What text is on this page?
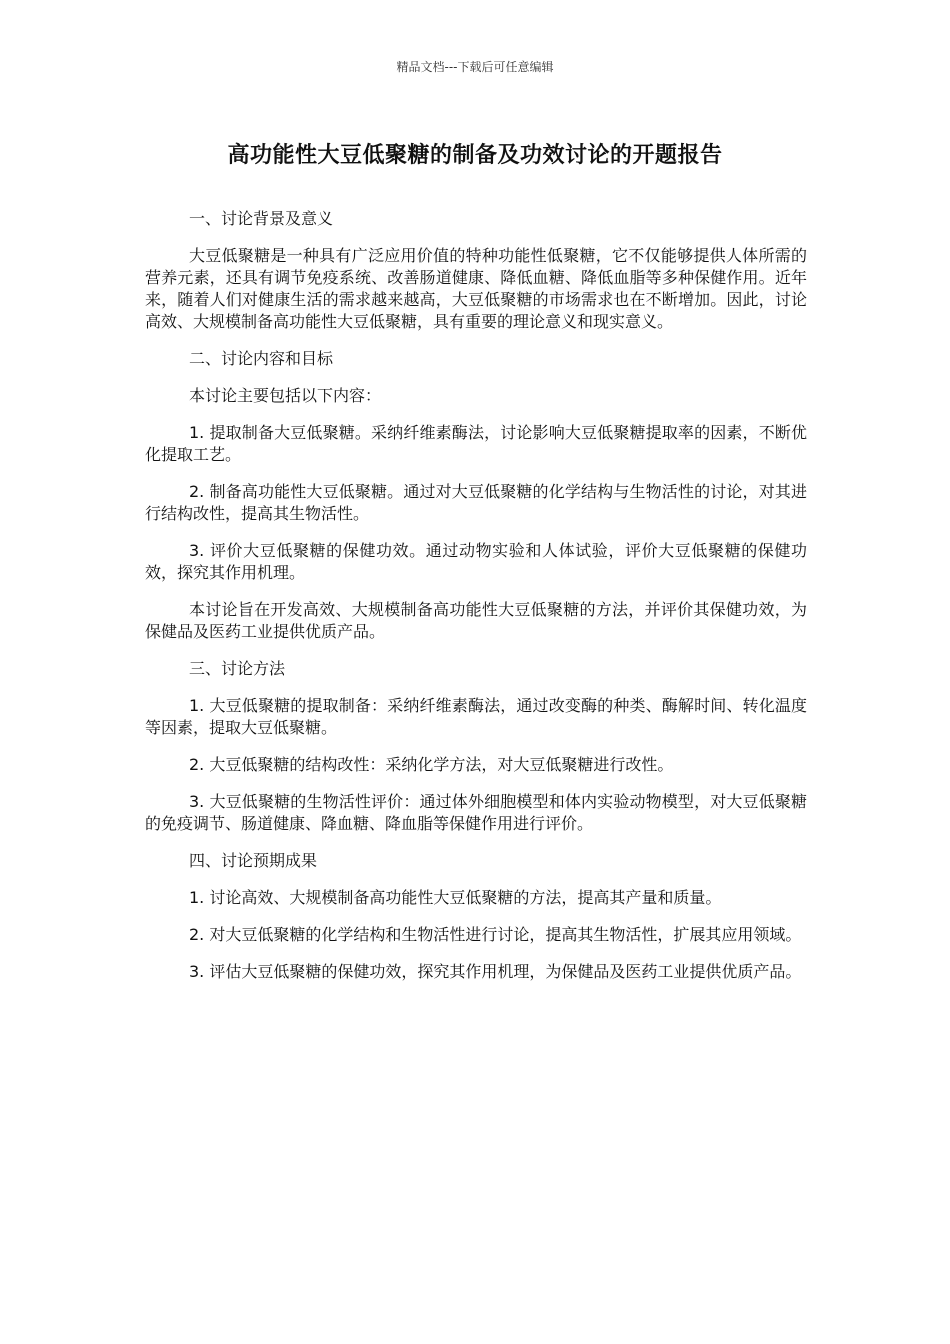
精品文档---下载后可任意编辑
高功能性大豆低聚糖的制备及功效讨论的开题报告

一、讨论背景及意义

大豆低聚糖是一种具有广泛应用价值的特种功能性低聚糖，它不仅能够提供人体所需的营养元素，还具有调节免疫系统、改善肠道健康、降低血糖、降低血脂等多种保健作用。近年来，随着人们对健康生活的需求越来越高，大豆低聚糖的市场需求也在不断增加。因此，讨论高效、大规模制备高功能性大豆低聚糖，具有重要的理论意义和现实意义。

二、讨论内容和目标

本讨论主要包括以下内容：

1. 提取制备大豆低聚糖。采纳纤维素酶法，讨论影响大豆低聚糖提取率的因素，不断优化提取工艺。

2. 制备高功能性大豆低聚糖。通过对大豆低聚糖的化学结构与生物活性的讨论，对其进行结构改性，提高其生物活性。

3. 评价大豆低聚糖的保健功效。通过动物实验和人体试验，评价大豆低聚糖的保健功效，探究其作用机理。

本讨论旨在开发高效、大规模制备高功能性大豆低聚糖的方法，并评价其保健功效，为保健品及医药工业提供优质产品。

三、讨论方法

1. 大豆低聚糖的提取制备：采纳纤维素酶法，通过改变酶的种类、酶解时间、转化温度等因素，提取大豆低聚糖。

2. 大豆低聚糖的结构改性：采纳化学方法，对大豆低聚糖进行改性。

3. 大豆低聚糖的生物活性评价：通过体外细胞模型和体内实验动物模型，对大豆低聚糖的免疫调节、肠道健康、降血糖、降血脂等保健作用进行评价。

四、讨论预期成果

1. 讨论高效、大规模制备高功能性大豆低聚糖的方法，提高其产量和质量。

2. 对大豆低聚糖的化学结构和生物活性进行讨论，提高其生物活性，扩展其应用领域。

3. 评估大豆低聚糖的保健功效，探究其作用机理，为保健品及医药工业提供优质产品。
